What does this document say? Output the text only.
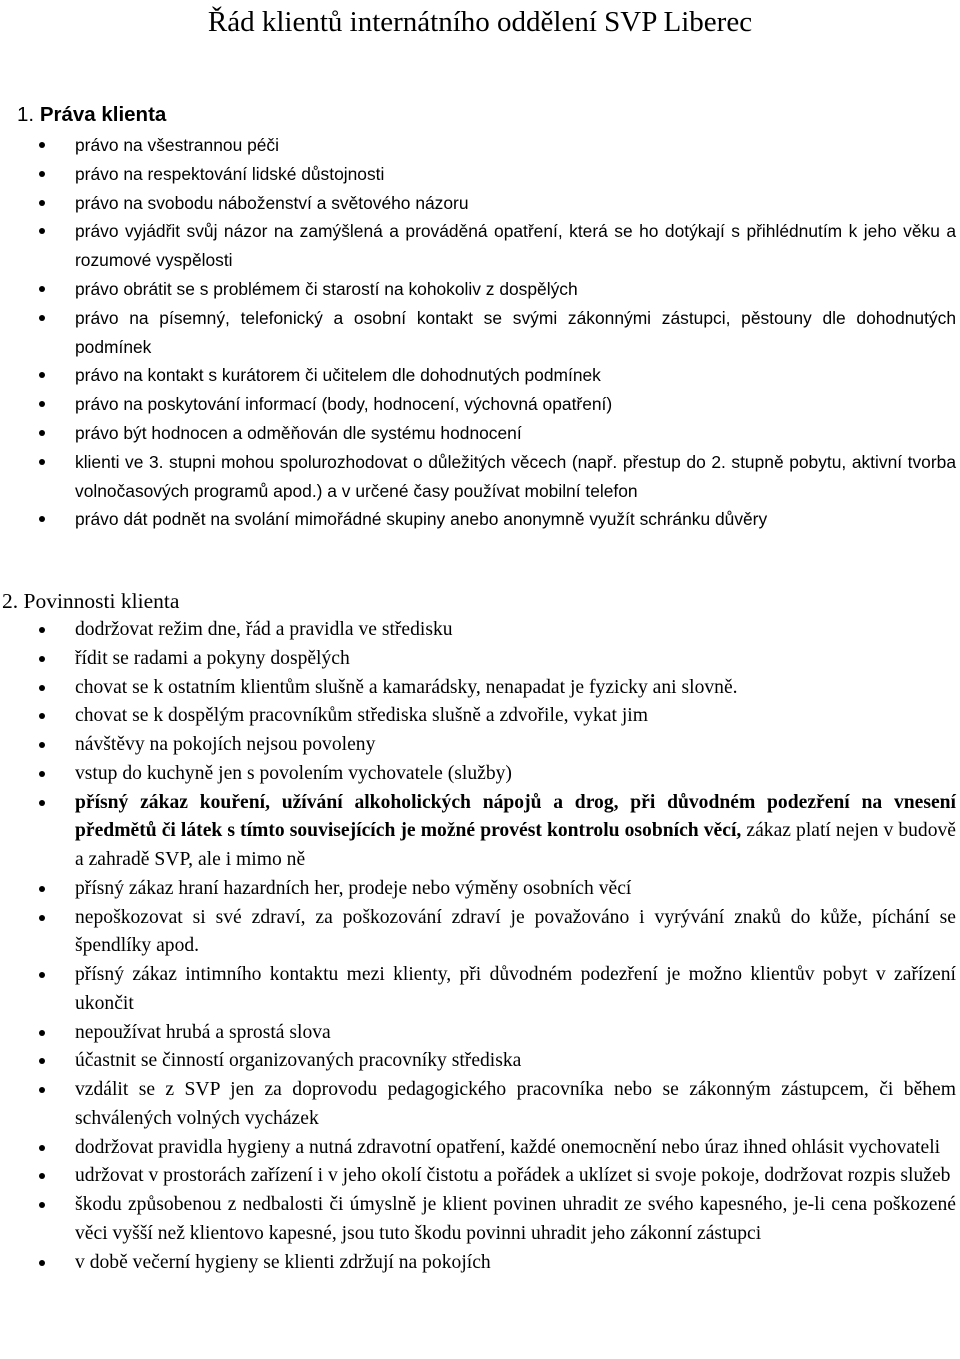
Řád klientů internátního oddělení SVP Liberec
1. Práva klienta
právo na všestrannou péči
právo na respektování lidské důstojnosti
právo na svobodu náboženství a světového názoru
právo vyjádřit svůj názor na zamýšlená a prováděná opatření, která se ho dotýkají s přihlédnutím k jeho věku a rozumové vyspělosti
právo obrátit se s problémem či starostí na kohokoliv z dospělých
právo na písemný, telefonický a osobní kontakt se svými zákonnými zástupci, pěstouny dle dohodnutých podmínek
právo na kontakt s kurátorem či učitelem dle dohodnutých podmínek
právo na poskytování informací (body, hodnocení, výchovná opatření)
právo být hodnocen a odměňován dle systému hodnocení
klienti ve 3. stupni mohou spolurozhodovat o důležitých věcech (např. přestup do 2. stupně pobytu, aktivní tvorba volnočasových programů apod.) a v určené časy používat mobilní telefon
právo dát podnět na svolání mimořádné skupiny anebo anonymně využít schránku důvěry
2. Povinnosti klienta
dodržovat režim dne, řád a pravidla ve středisku
řídit se radami a pokyny dospělých
chovat se k ostatním klientům slušně a kamarádsky, nenapadat je fyzicky ani slovně.
chovat se k dospělým pracovníkům střediska slušně a zdvořile, vykat jim
návštěvy na pokojích nejsou povoleny
vstup do kuchyně jen s povolením vychovatele (služby)
přísný zákaz kouření, užívání alkoholických nápojů a drog, při důvodném podezření na vnesení předmětů či látek s tímto souvisejících je možné provést kontrolu osobních věcí, zákaz platí nejen v budově a zahradě SVP, ale i mimo ně
přísný zákaz hraní hazardních her, prodeje nebo výměny osobních věcí
nepoškozovat si své zdraví, za poškozování zdraví je považováno i vyrývání znaků do kůže, píchání se špendlíky apod.
přísný zákaz intimního kontaktu mezi klienty, při důvodném podezření je možno klientův pobyt v zařízení ukončit
nepoužívat hrubá a sprostá slova
účastnit se činností organizovaných pracovníky střediska
vzdálit se z SVP jen za doprovodu pedagogického pracovníka nebo se zákonným zástupcem, či během schválených volných vycházek
dodržovat pravidla hygieny a nutná zdravotní opatření, každé onemocnění nebo úraz ihned ohlásit vychovateli
udržovat v prostorách zařízení i v jeho okolí čistotu a pořádek a uklízet si svoje pokoje, dodržovat rozpis služeb
škodu způsobenou z nedbalosti či úmyslně je klient povinen uhradit ze svého kapesného, je-li cena poškozené věci vyšší než klientovo kapesné, jsou tuto škodu povinni uhradit jeho zákonní zástupci
v době večerní hygieny se klienti zdržují na pokojích
